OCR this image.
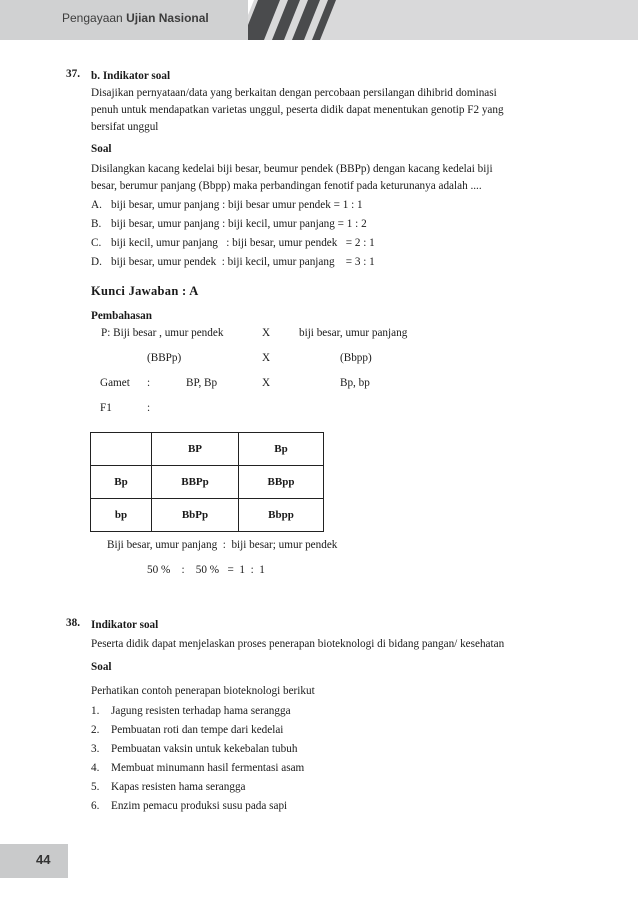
Pengayaan Ujian Nasional
37. b. Indikator soal
Disajikan pernyataan/data yang berkaitan dengan percobaan persilangan dihibrid dominasi
penuh untuk mendapatkan varietas unggul, peserta didik dapat menentukan genotip F2 yang
bersifat unggul
Soal
Disilangkan kacang kedelai biji besar, beumur pendek (BBPp) dengan kacang kedelai biji
besar, berumur panjang (Bbpp) maka perbandingan fenotif pada keturunanya adalah ....
A. biji besar, umur panjang : biji besar umur pendek = 1 : 1
B. biji besar, umur panjang : biji kecil, umur panjang = 1 : 2
C. biji kecil, umur panjang   : biji besar, umur pendek   = 2 : 1
D. biji besar, umur pendek  : biji kecil, umur panjang    = 3 : 1
Kunci Jawaban : A
Pembahasan
P: Biji besar , umur pendek	X	biji besar, umur panjang
(BBPp)	X	(Bbpp)
Gamet :	BP, Bp	X	Bp, bp
F1	:
	BP	Bp
Bp	BBPp	BBpp
bp	BbPp	Bbpp
Biji besar, umur panjang  :  biji besar; umur pendek
50 %    :    50 %   =  1  :  1
38. Indikator soal
Peserta didik dapat menjelaskan proses penerapan bioteknologi di bidang pangan/ kesehatan
Soal
Perhatikan contoh penerapan bioteknologi berikut
1. Jagung resisten terhadap hama serangga
2. Pembuatan roti dan tempe dari kedelai
3. Pembuatan vaksin untuk kekebalan tubuh
4. Membuat minumann hasil fermentasi asam
5. Kapas resisten hama serangga
6. Enzim pemacu produksi susu pada sapi
44
